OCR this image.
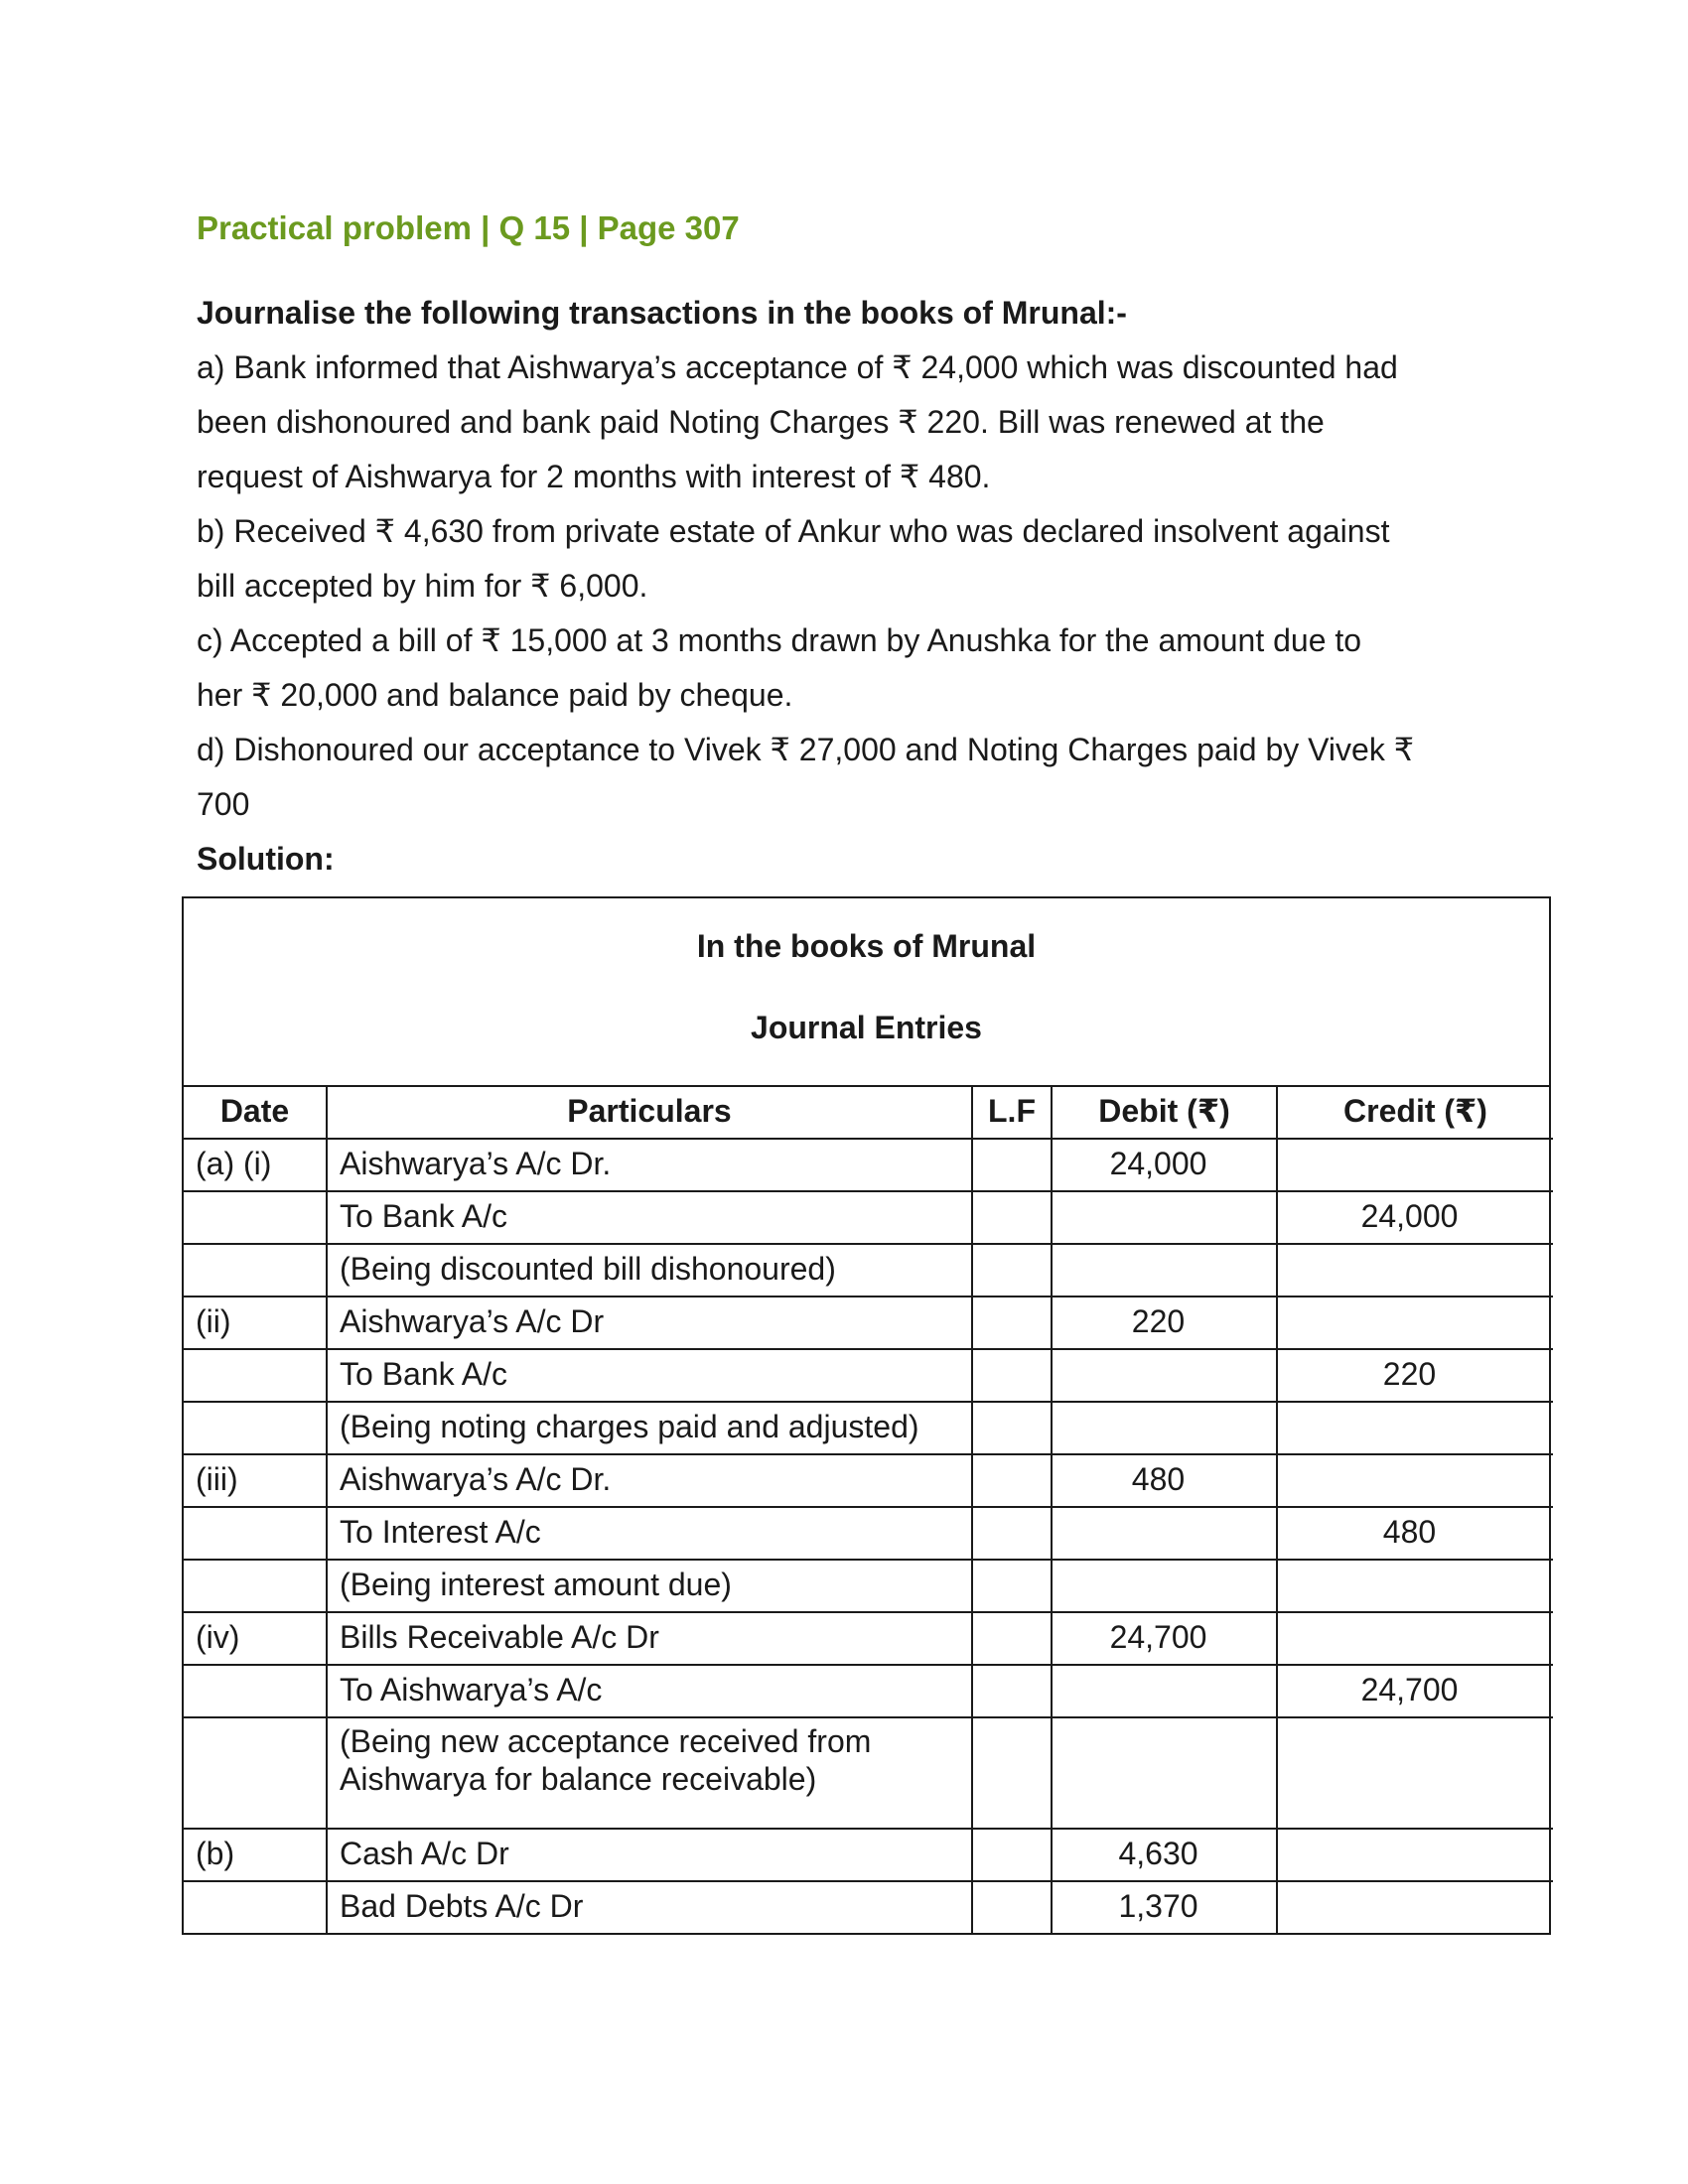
Practical problem | Q 15 | Page 307
Journalise the following transactions in the books of Mrunal:-
a) Bank informed that Aishwarya’s acceptance of ₹ 24,000 which was discounted had
been dishonoured and bank paid Noting Charges ₹ 220. Bill was renewed at the
request of Aishwarya for 2 months with interest of ₹ 480.
b) Received ₹ 4,630 from private estate of Ankur who was declared insolvent against
bill accepted by him for ₹ 6,000.
c) Accepted a bill of ₹ 15,000 at 3 months drawn by Anushka for the amount due to
her ₹ 20,000 and balance paid by cheque.
d) Dishonoured our acceptance to Vivek ₹ 27,000 and Noting Charges paid by Vivek ₹
700
Solution:
In the books of Mrunal
Journal Entries
Date	Particulars	L.F	Debit (₹)	Credit (₹)
(a) (i)	Aishwarya’s A/c Dr.		24,000	
	To Bank A/c			24,000
	(Being discounted bill dishonoured)			
(ii)	Aishwarya’s A/c Dr		220	
	To Bank A/c			220
	(Being noting charges paid and adjusted)			
(iii)	Aishwarya’s A/c Dr.		480	
	To Interest A/c			480
	(Being interest amount due)			
(iv)	Bills Receivable A/c Dr		24,700	
	To Aishwarya’s A/c			24,700
	(Being new acceptance received from Aishwarya for balance receivable)			
(b)	Cash A/c Dr		4,630	
	Bad Debts A/c Dr		1,370	
